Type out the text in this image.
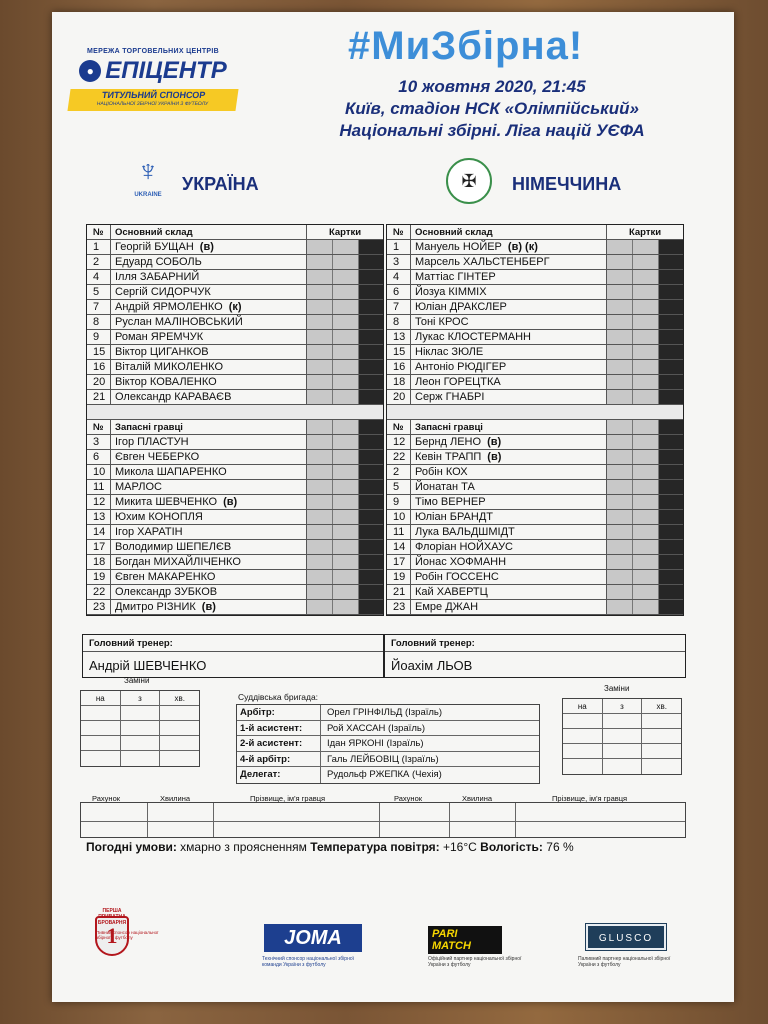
МЕРЕЖА ТОРГОВЕЛЬНИХ ЦЕНТРІВ
● ЕПІЦЕНТР
ТИТУЛЬНИЙ СПОНСОР
НАЦІОНАЛЬНОЇ ЗБІРНОЇ УКРАЇНИ З ФУТБОЛУ
#МиЗбірна!
10 жовтня 2020, 21:45
Київ, стадіон НСК «Олімпійський»
Національні збірні. Ліга націй УЄФА
♆
UKRAINE
УКРАЇНА	✠ НІМЕЧЧИНА
№	Основний склад	Картки
1	Георгій БУЩАН (в)
2	Едуард СОБОЛЬ
4	Ілля ЗАБАРНИЙ
5	Сергій СИДОРЧУК
7	Андрій ЯРМОЛЕНКО (к)
8	Руслан МАЛІНОВСЬКИЙ
9	Роман ЯРЕМЧУК
15 Віктор ЦИГАНКОВ
16 Віталій МИКОЛЕНКО
20 Віктор КОВАЛЕНКО
21 Олександр КАРАВАЄВ
№	Запасні гравці
3	Ігор ПЛАСТУН
6	Євген ЧЕБЕРКО
10 Микола ШАПАРЕНКО
11 МАРЛОС
12 Микита ШЕВЧЕНКО (в)
13 Юхим КОНОПЛЯ
14 Ігор ХАРАТІН
17 Володимир ШЕПЕЛЄВ
18 Богдан МИХАЙЛІЧЕНКО
19 Євген МАКАРЕНКО
22 Олександр ЗУБКОВ
23 Дмитро РІЗНИК (в)
№	Основний склад	Картки
1	Мануель НОЙЕР (в) (к)
3	Марсель ХАЛЬСТЕНБЕРГ
4	Маттіас ГІНТЕР
6	Йозуа КІММІХ
7	Юліан ДРАКСЛЕР
8	Тоні КРОС
13 Лукас КЛОСТЕРМАНН
15 Ніклас ЗЮЛЕ
16 Антоніо РЮДІГЕР
18 Леон ГОРЕЦТКА
20 Серж ГНАБРІ
№	Запасні гравці
12 Бернд ЛЕНО (в)
22 Кевін ТРАПП (в)
2	Робін КОХ
5	Йонатан ТА
9	Тімо ВЕРНЕР
10 Юліан БРАНДТ
11 Лука ВАЛЬДШМІДТ
14 Флоріан НОЙХАУС
17 Йонас ХОФМАНН
19 Робін ГОССЕНС
21 Кай ХАВЕРТЦ
23 Емре ДЖАН
Головний тренер:
Андрій ШЕВЧЕНКО
Головний тренер:
Йоахім ЛЬОВ
Заміни
на	з	хв.	Суддівська бригада:
Арбітр:	Орел ГРІНФІЛЬД (Ізраїль)
1-й асистент:	Рой ХАССАН (Ізраїль)
2-й асистент:	Ідан ЯРКОНІ (Ізраїль)
4-й арбітр:	Галь ЛЕЙБОВІЦ (Ізраїль)
Делегат:	Рудольф РЖЕПКА (Чехія)
Заміни
на	з	хв.
Рахунок	Хвилина	Прізвище, ім'я гравця	Рахунок	Хвилина	Прізвище, ім'я гравця
Погодні умови: хмарно з проясненням Температура повітря: +16°С Вологість: 76 %
ПЕРША ПРИВАТНА БРОВАРНЯ
1
Пивний спонсор національної збірної з футболу	JOMA
Технічний спонсор національної збірної команди України з футболу
PARI MATCH
Офіційний партнер національної збірної України з футболу
GLUSCO
Паливний партнер національної збірної України з футболу
